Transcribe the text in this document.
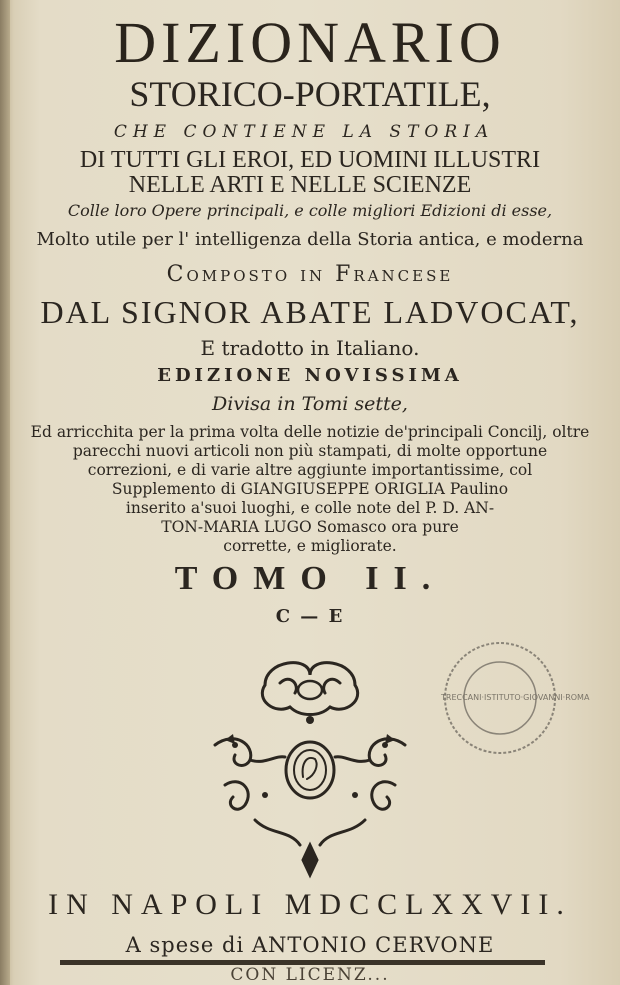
DIZIONARIO
STORICO-PORTATILE,
CHE CONTIENE LA STORIA
DI TUTTI GLI EROI, ED UOMINI ILLUSTRI
NELLE ARTI E NELLE SCIENZE
Colle loro Opere principali, e colle migliori Edizioni di esse,
Molto utile per l' intelligenza della Storia antica, e moderna
Composto in Francese
DAL SIGNOR ABATE LADVOCAT,
E tradotto in Italiano.
EDIZIONE NOVISSIMA
Divisa in Tomi sette,
Ed arricchita per la prima volta delle notizie de'principali Concilj, oltre
parecchi nuovi articoli non più stampati, di molte opportune
correzioni, e di varie altre aggiunte importantissime, col
Supplemento di GIANGIUSEPPE ORIGLIA Paulino
inserito a'suoi luoghi, e colle note del P. D. AN-
TON-MARIA LUGO Somasco ora pure
corrette, e migliorate.
TOMO II.
C — E
TRECCANI·ISTITUTO·GIOVANNI·ROMA
IN NAPOLI MDCCLXXVII.
A spese di ANTONIO CERVONE
CON LICENZ...
